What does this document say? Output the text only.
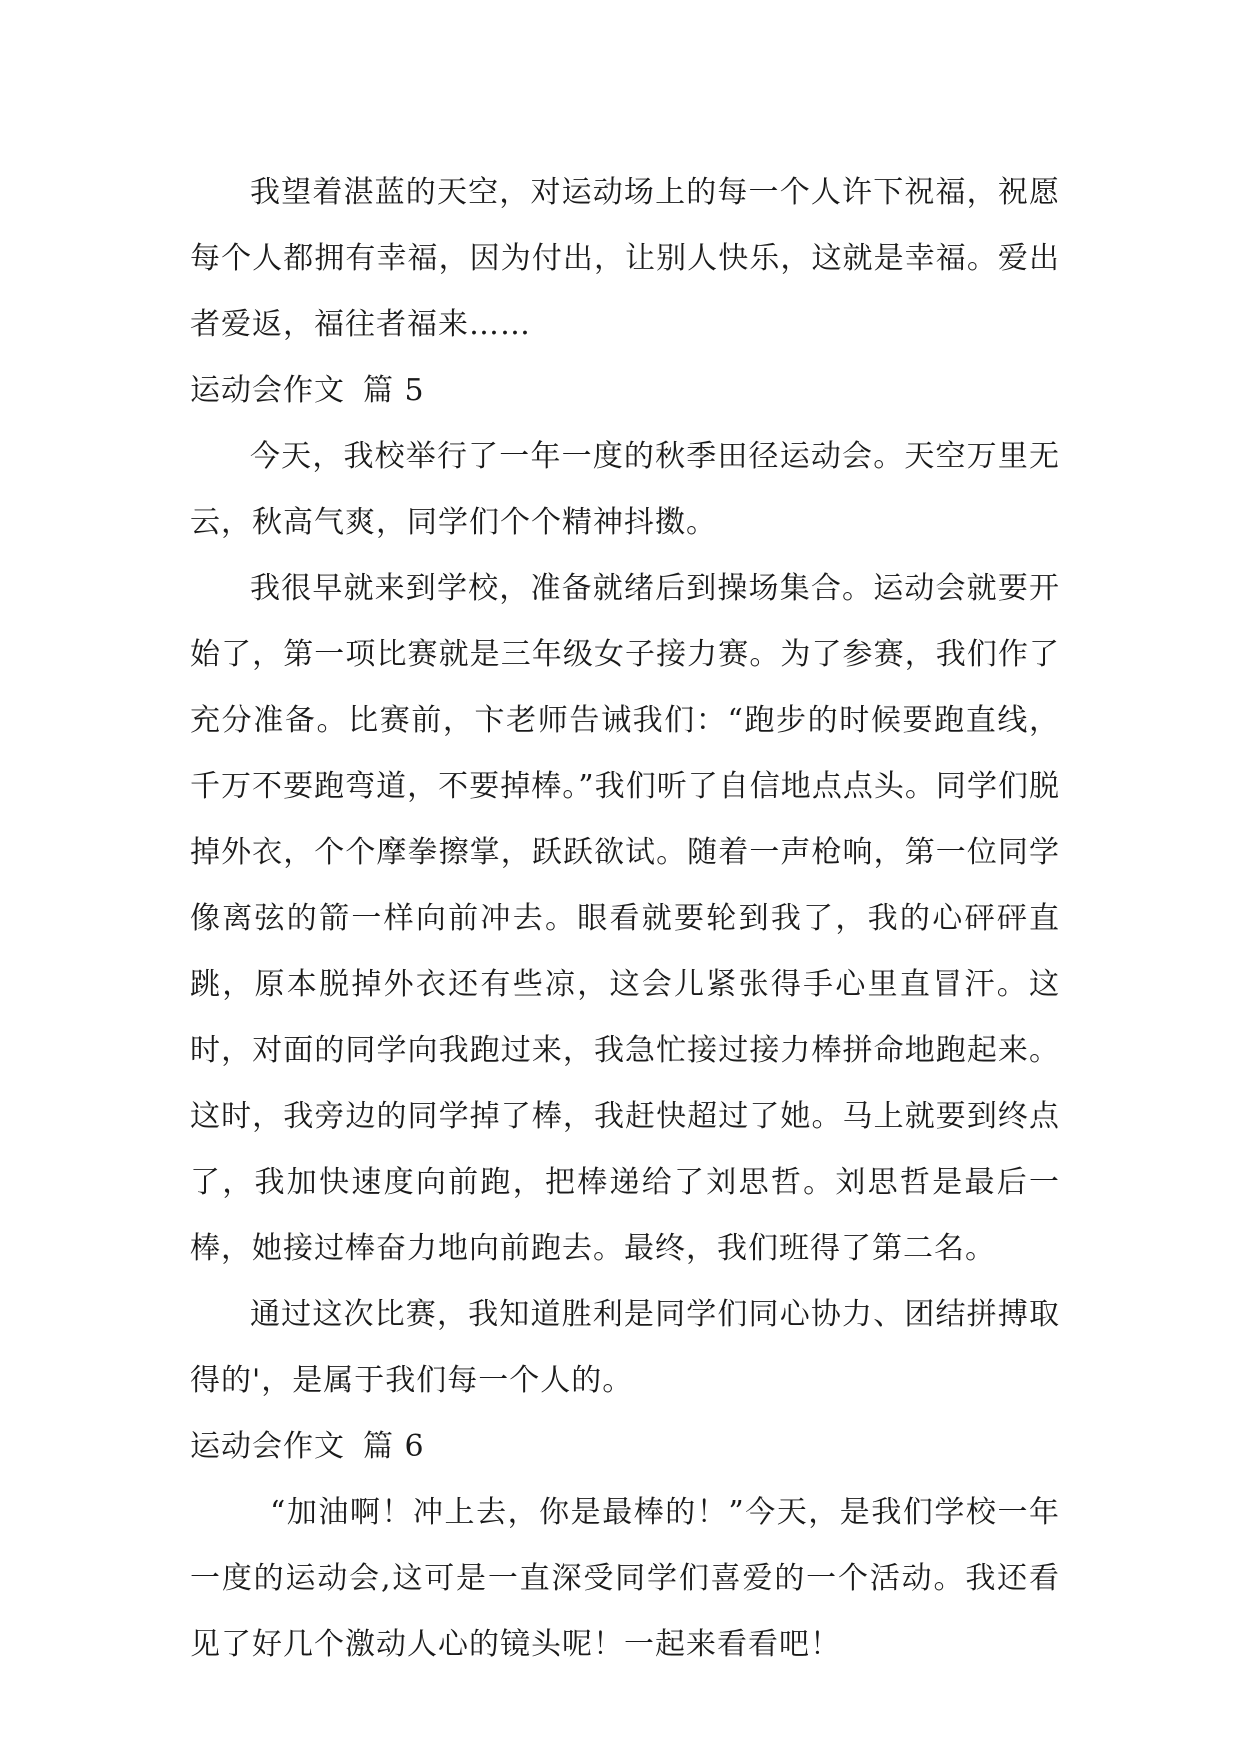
我望着湛蓝的天空，对运动场上的每一个人许下祝福，祝愿每个人都拥有幸福，因为付出，让别人快乐，这就是幸福。爱出者爱返，福往者福来……

运动会作文 篇 5

今天，我校举行了一年一度的秋季田径运动会。天空万里无云，秋高气爽，同学们个个精神抖擞。

我很早就来到学校，准备就绪后到操场集合。运动会就要开始了，第一项比赛就是三年级女子接力赛。为了参赛，我们作了充分准备。比赛前，卞老师告诫我们：“跑步的时候要跑直线，千万不要跑弯道，不要掉棒。”我们听了自信地点点头。同学们脱掉外衣，个个摩拳擦掌，跃跃欲试。随着一声枪响，第一位同学像离弦的箭一样向前冲去。眼看就要轮到我了，我的心砰砰直跳，原本脱掉外衣还有些凉，这会儿紧张得手心里直冒汗。这时，对面的同学向我跑过来，我急忙接过接力棒拼命地跑起来。这时，我旁边的同学掉了棒，我赶快超过了她。马上就要到终点了，我加快速度向前跑，把棒递给了刘思哲。刘思哲是最后一棒，她接过棒奋力地向前跑去。最终，我们班得了第二名。

通过这次比赛，我知道胜利是同学们同心协力、团结拼搏取得的'，是属于我们每一个人的。

运动会作文 篇 6

“加油啊！冲上去，你是最棒的！”今天，是我们学校一年一度的运动会,这可是一直深受同学们喜爱的一个活动。我还看见了好几个激动人心的镜头呢！一起来看看吧！
